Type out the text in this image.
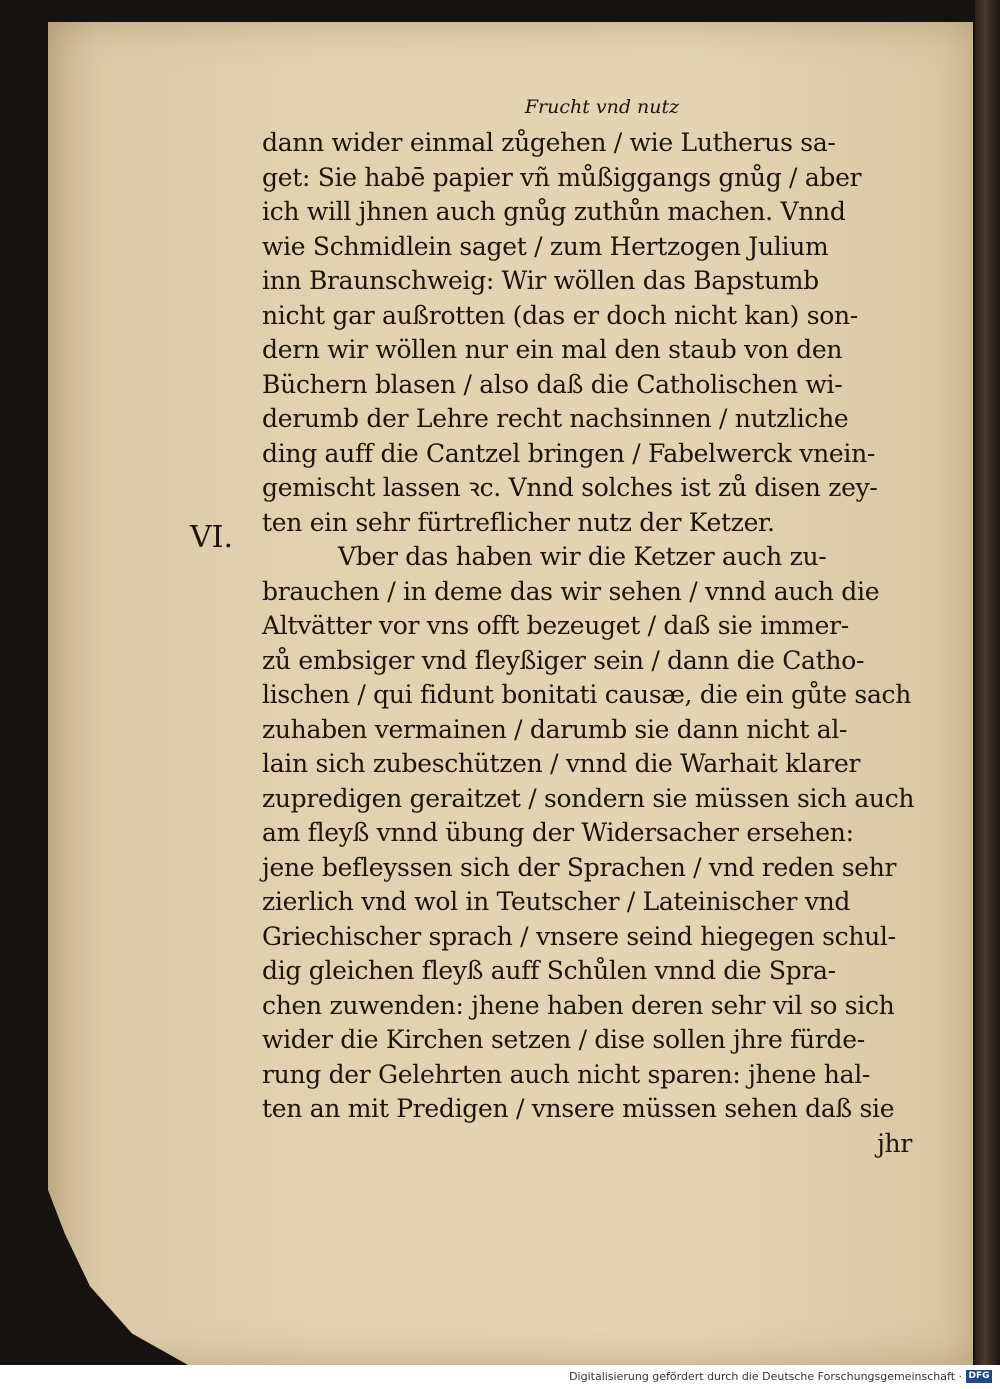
VI.
Frucht vnd nutz
dann wider einmal zůgehen / wie Lutherus sa-
get: Sie habē papier vñ můßiggangs gnůg / aber
ich will jhnen auch gnůg zuthůn machen. Vnnd
wie Schmidlein saget / zum Hertzogen Julium
inn Braunschweig: Wir wöllen das Bapstumb
nicht gar außrotten (das er doch nicht kan) son-
dern wir wöllen nur ein mal den staub von den
Büchern blasen / also daß die Catholischen wi-
derumb der Lehre recht nachsinnen / nutzliche
ding auff die Cantzel bringen / Fabelwerck vnein-
gemischt lassen ꝛc. Vnnd solches ist zů disen zey-
ten ein sehr fürtreflicher nutz der Ketzer.
Vber das haben wir die Ketzer auch zu-
brauchen / in deme das wir sehen / vnnd auch die
Altvätter vor vns offt bezeuget / daß sie immer-
zů embsiger vnd fleyßiger sein / dann die Catho-
lischen / qui fidunt bonitati causæ, die ein gůte sach
zuhaben vermainen / darumb sie dann nicht al-
lain sich zubeschützen / vnnd die Warhait klarer
zupredigen geraitzet / sondern sie müssen sich auch
am fleyß vnnd übung der Widersacher ersehen:
jene befleyssen sich der Sprachen / vnd reden sehr
zierlich vnd wol in Teutscher / Lateinischer vnd
Griechischer sprach / vnsere seind hiegegen schul-
dig gleichen fleyß auff Schůlen vnnd die Spra-
chen zuwenden: jhene haben deren sehr vil so sich
wider die Kirchen setzen / dise sollen jhre fürde-
rung der Gelehrten auch nicht sparen: jhene hal-
ten an mit Predigen / vnsere müssen sehen daß sie
jhr
Digitalisierung gefördert durch die Deutsche Forschungsgemeinschaft · DFG
